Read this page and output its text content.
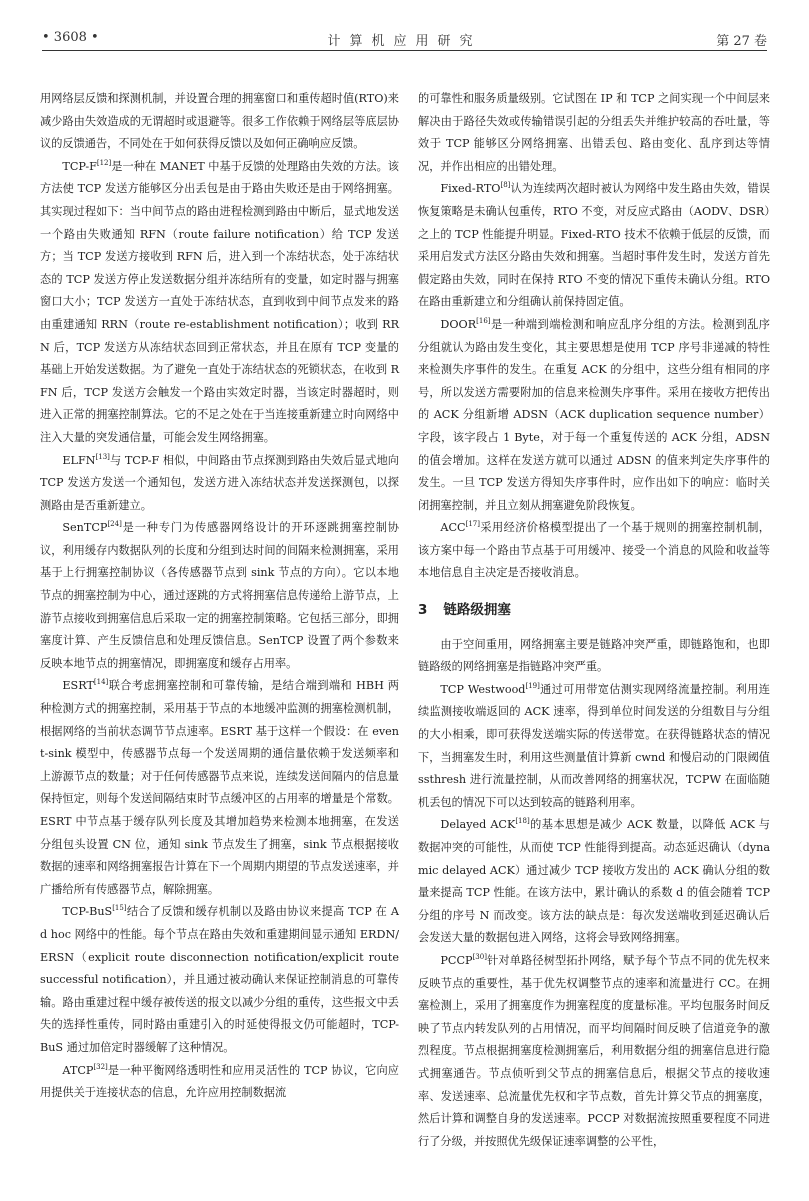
• 3608 •	计算机应用研究	第 27 卷

用网络层反馈和探测机制，并设置合理的拥塞窗口和重传超时值(RTO)来减少路由失效造成的无谓超时或退避等。很多工作依赖于网络层等底层协议的反馈通告，不同处在于如何获得反馈以及如何正确响应反馈。

TCP-F[12]是一种在 MANET 中基于反馈的处理路由失效的方法。该方法使 TCP 发送方能够区分出丢包是由于路由失败还是由于网络拥塞。其实现过程如下：当中间节点的路由进程检测到路由中断后，显式地发送一个路由失败通知 RFN（route failure notification）给 TCP 发送方；当 TCP 发送方接收到 RFN 后，进入到一个冻结状态，处于冻结状态的 TCP 发送方停止发送数据分组并冻结所有的变量，如定时器与拥塞窗口大小；TCP 发送方一直处于冻结状态，直到收到中间节点发来的路由重建通知 RRN（route re-establishment notification）；收到 RRN 后，TCP 发送方从冻结状态回到正常状态，并且在原有 TCP 变量的基础上开始发送数据。为了避免一直处于冻结状态的死锁状态，在收到 RFN 后，TCP 发送方会触发一个路由实效定时器，当该定时器超时，则进入正常的拥塞控制算法。它的不足之处在于当连接重新建立时向网络中注入大量的突发通信量，可能会发生网络拥塞。

ELFN[13]与 TCP-F 相似，中间路由节点探测到路由失效后显式地向 TCP 发送方发送一个通知包，发送方进入冻结状态并发送探测包，以探测路由是否重新建立。

SenTCP[24]是一种专门为传感器网络设计的开环逐跳拥塞控制协议，利用缓存内数据队列的长度和分组到达时间的间隔来检测拥塞，采用基于上行拥塞控制协议（各传感器节点到 sink 节点的方向）。它以本地节点的拥塞控制为中心，通过逐跳的方式将拥塞信息传递给上游节点，上游节点接收到拥塞信息后采取一定的拥塞控制策略。它包括三部分，即拥塞度计算、产生反馈信息和处理反馈信息。SenTCP 设置了两个参数来反映本地节点的拥塞情况，即拥塞度和缓存占用率。

ESRT[14]联合考虑拥塞控制和可靠传输，是结合端到端和 HBH 两种检测方式的拥塞控制，采用基于节点的本地缓冲监测的拥塞检测机制，根据网络的当前状态调节节点速率。ESRT 基于这样一个假设：在 event-sink 模型中，传感器节点每一个发送周期的通信量依赖于发送频率和上游源节点的数量；对于任何传感器节点来说，连续发送间隔内的信息量保持恒定，则每个发送间隔结束时节点缓冲区的占用率的增量是个常数。ESRT 中节点基于缓存队列长度及其增加趋势来检测本地拥塞，在发送分组包头设置 CN 位，通知 sink 节点发生了拥塞，sink 节点根据接收数据的速率和网络拥塞报告计算在下一个周期内期望的节点发送速率，并广播给所有传感器节点，解除拥塞。

TCP-BuS[15]结合了反馈和缓存机制以及路由协议来提高 TCP 在 Ad hoc 网络中的性能。每个节点在路由失效和重建期间显示通知 ERDN/ERSN（explicit route disconnection notification/explicit route successful notification），并且通过被动确认来保证控制消息的可靠传输。路由重建过程中缓存被传送的报文以减少分组的重传，这些报文中丢失的选择性重传，同时路由重建引入的时延使得报文仍可能超时，TCP-BuS 通过加倍定时器缓解了这种情况。

ATCP[32]是一种平衡网络透明性和应用灵活性的 TCP 协议，它向应用提供关于连接状态的信息，允许应用控制数据流

的可靠性和服务质量级别。它试图在 IP 和 TCP 之间实现一个中间层来解决由于路径失效或传输错误引起的分组丢失并维护较高的吞吐量，等效于 TCP 能够区分网络拥塞、出错丢包、路由变化、乱序到达等情况，并作出相应的出错处理。

Fixed-RTO[8]认为连续两次超时被认为网络中发生路由失效，错误恢复策略是未确认包重传，RTO 不变，对反应式路由（AODV、DSR）之上的 TCP 性能提升明显。Fixed-RTO 技术不依赖于低层的反馈，而采用启发式方法区分路由失效和拥塞。当超时事件发生时，发送方首先假定路由失效，同时在保持 RTO 不变的情况下重传未确认分组。RTO 在路由重新建立和分组确认前保持固定值。

DOOR[16]是一种端到端检测和响应乱序分组的方法。检测到乱序分组就认为路由发生变化，其主要思想是使用 TCP 序号非递减的特性来检测失序事件的发生。在重复 ACK 的分组中，这些分组有相同的序号，所以发送方需要附加的信息来检测失序事件。采用在接收方把传出的 ACK 分组新增 ADSN（ACK duplication sequence number）字段，该字段占 1 Byte，对于每一个重复传送的 ACK 分组，ADSN 的值会增加。这样在发送方就可以通过 ADSN 的值来判定失序事件的发生。一旦 TCP 发送方得知失序事件时，应作出如下的响应：临时关闭拥塞控制，并且立刻从拥塞避免阶段恢复。

ACC[17]采用经济价格模型提出了一个基于规则的拥塞控制机制，该方案中每一个路由节点基于可用缓冲、接受一个消息的风险和收益等本地信息自主决定是否接收消息。

3 链路级拥塞

由于空间重用，网络拥塞主要是链路冲突严重，即链路饱和，也即链路级的网络拥塞是指链路冲突严重。

TCP Westwood[19]通过可用带宽估测实现网络流量控制。利用连续监测接收端返回的 ACK 速率，得到单位时间发送的分组数目与分组的大小相乘，即可获得发送端实际的传送带宽。在获得链路状态的情况下，当拥塞发生时，利用这些测量值计算新 cwnd 和慢启动的门限阈值 ssthresh 进行流量控制，从而改善网络的拥塞状况，TCPW 在面临随机丢包的情况下可以达到较高的链路利用率。

Delayed ACK[18]的基本思想是减少 ACK 数量，以降低 ACK 与数据冲突的可能性，从而使 TCP 性能得到提高。动态延迟确认（dynamic delayed ACK）通过减少 TCP 接收方发出的 ACK 确认分组的数量来提高 TCP 性能。在该方法中，累计确认的系数 d 的值会随着 TCP 分组的序号 N 而改变。该方法的缺点是：每次发送端收到延迟确认后会发送大量的数据包进入网络，这将会导致网络拥塞。

PCCP[30]针对单路径树型拓扑网络，赋予每个节点不同的优先权来反映节点的重要性，基于优先权调整节点的速率和流量进行 CC。在拥塞检测上，采用了拥塞度作为拥塞程度的度量标准。平均包服务时间反映了节点内转发队列的占用情况，而平均间隔时间反映了信道竞争的激烈程度。节点根据拥塞度检测拥塞后，利用数据分组的拥塞信息进行隐式拥塞通告。节点侦听到父节点的拥塞信息后，根据父节点的接收速率、发送速率、总流量优先权和字节点数，首先计算父节点的拥塞度，然后计算和调整自身的发送速率。PCCP 对数据流按照重要程度不同进行了分级，并按照优先级保证速率调整的公平性，
